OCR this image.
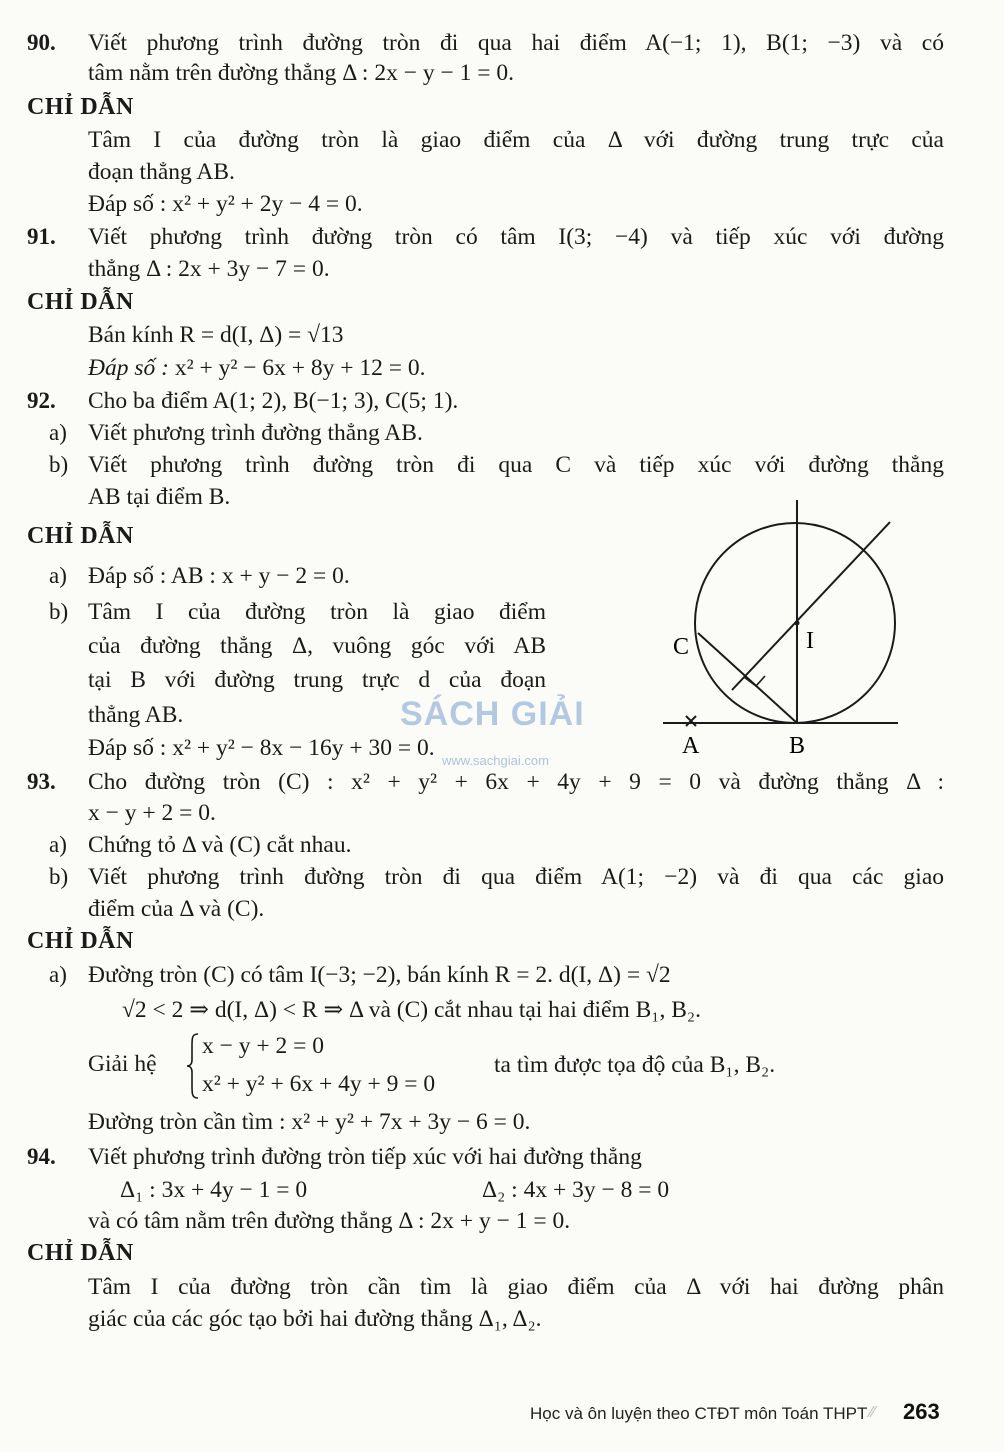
90. Viết phương trình đường tròn đi qua hai điểm A(−1; 1), B(1; −3) và có
tâm nằm trên đường thẳng Δ : 2x − y − 1 = 0.
CHỈ DẪN
Tâm I của đường tròn là giao điểm của Δ với đường trung trực của
đoạn thẳng AB.
Đáp số : x² + y² + 2y − 4 = 0.
91. Viết phương trình đường tròn có tâm I(3; −4) và tiếp xúc với đường
thẳng Δ : 2x + 3y − 7 = 0.
CHỈ DẪN
Bán kính R = d(I, Δ) = √13
Đáp số : x² + y² − 6x + 8y + 12 = 0.
92. Cho ba điểm A(1; 2), B(−1; 3), C(5; 1).
a) Viết phương trình đường thẳng AB.
b) Viết phương trình đường tròn đi qua C và tiếp xúc với đường thẳng
AB tại điểm B.
CHỈ DẪN
a) Đáp số : AB : x + y − 2 = 0.
b) Tâm I của đường tròn là giao điểm
của đường thẳng Δ, vuông góc với AB
tại B với đường trung trực d của đoạn
thẳng AB.
Đáp số : x² + y² − 8x − 16y + 30 = 0.
C	I
A	B
SÁCH GIẢI
www.sachgiai.com
93. Cho đường tròn (C) : x² + y² + 6x + 4y + 9 = 0 và đường thẳng Δ :
x − y + 2 = 0.
a) Chứng tỏ Δ và (C) cắt nhau.
b) Viết phương trình đường tròn đi qua điểm A(1; −2) và đi qua các giao
điểm của Δ và (C).
CHỈ DẪN
a) Đường tròn (C) có tâm I(−3; −2), bán kính R = 2. d(I, Δ) = √2
√2 < 2 ⇒ d(I, Δ) < R ⇒ Δ và (C) cắt nhau tại hai điểm B₁, B₂.
Giải hệ
x − y + 2 = 0
x² + y² + 6x + 4y + 9 = 0
ta tìm được tọa độ của B₁, B₂.
Đường tròn cần tìm : x² + y² + 7x + 3y − 6 = 0.
94. Viết phương trình đường tròn tiếp xúc với hai đường thẳng
Δ₁ : 3x + 4y − 1 = 0	Δ₂ : 4x + 3y − 8 = 0
và có tâm nằm trên đường thẳng Δ : 2x + y − 1 = 0.
CHỈ DẪN
Tâm I của đường tròn cần tìm là giao điểm của Δ với hai đường phân
giác của các góc tạo bởi hai đường thẳng Δ₁, Δ₂.
Học và ôn luyện theo CTĐT môn Toán THPT ⁄⁄	263
